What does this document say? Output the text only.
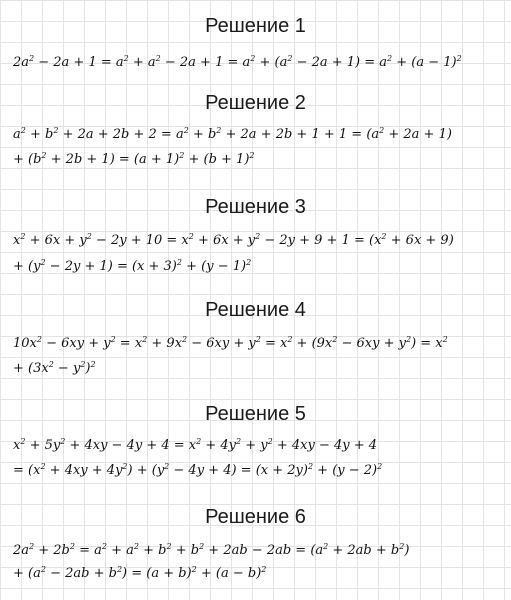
Решение 1
$2a^2 - 2a + 1 = a^2 + a^2 - 2a + 1 = a^2 + (a^2 - 2a + 1) = a^2 + (a - 1)^2$
Решение 2
$a^2 + b^2 + 2a + 2b + 2 = a^2 + b^2 + 2a + 2b + 1 + 1 = (a^2 + 2a + 1)$
+ $(b^2 + 2b + 1) = (a + 1)^2 + (b + 1)^2$
Решение 3
$x^2 + 6x + y^2 - 2y + 10 = x^2 + 6x + y^2 - 2y + 9 + 1 = (x^2 + 6x + 9)$
+ $(y^2 - 2y + 1) = (x + 3)^2 + (y - 1)^2$
Решение 4
$10x^2 - 6xy + y^2 = x^2 + 9x^2 - 6xy + y^2 = x^2 + (9x^2 - 6xy + y^2) = x^2$
+ $(3x^2 - y^2)^2$
Решение 5
$x^2 + 5y^2 + 4xy - 4y + 4 = x^2 + 4y^2 + y^2 + 4xy - 4y + 4$
= $(x^2 + 4xy + 4y^2) + (y^2 - 4y + 4) = (x + 2y)^2 + (y - 2)^2$
Решение 6
$2a^2 + 2b^2 = a^2 + a^2 + b^2 + b^2 + 2ab - 2ab = (a^2 + 2ab + b^2)$
+ $(a^2 - 2ab + b^2) = (a + b)^2 + (a - b)^2$
